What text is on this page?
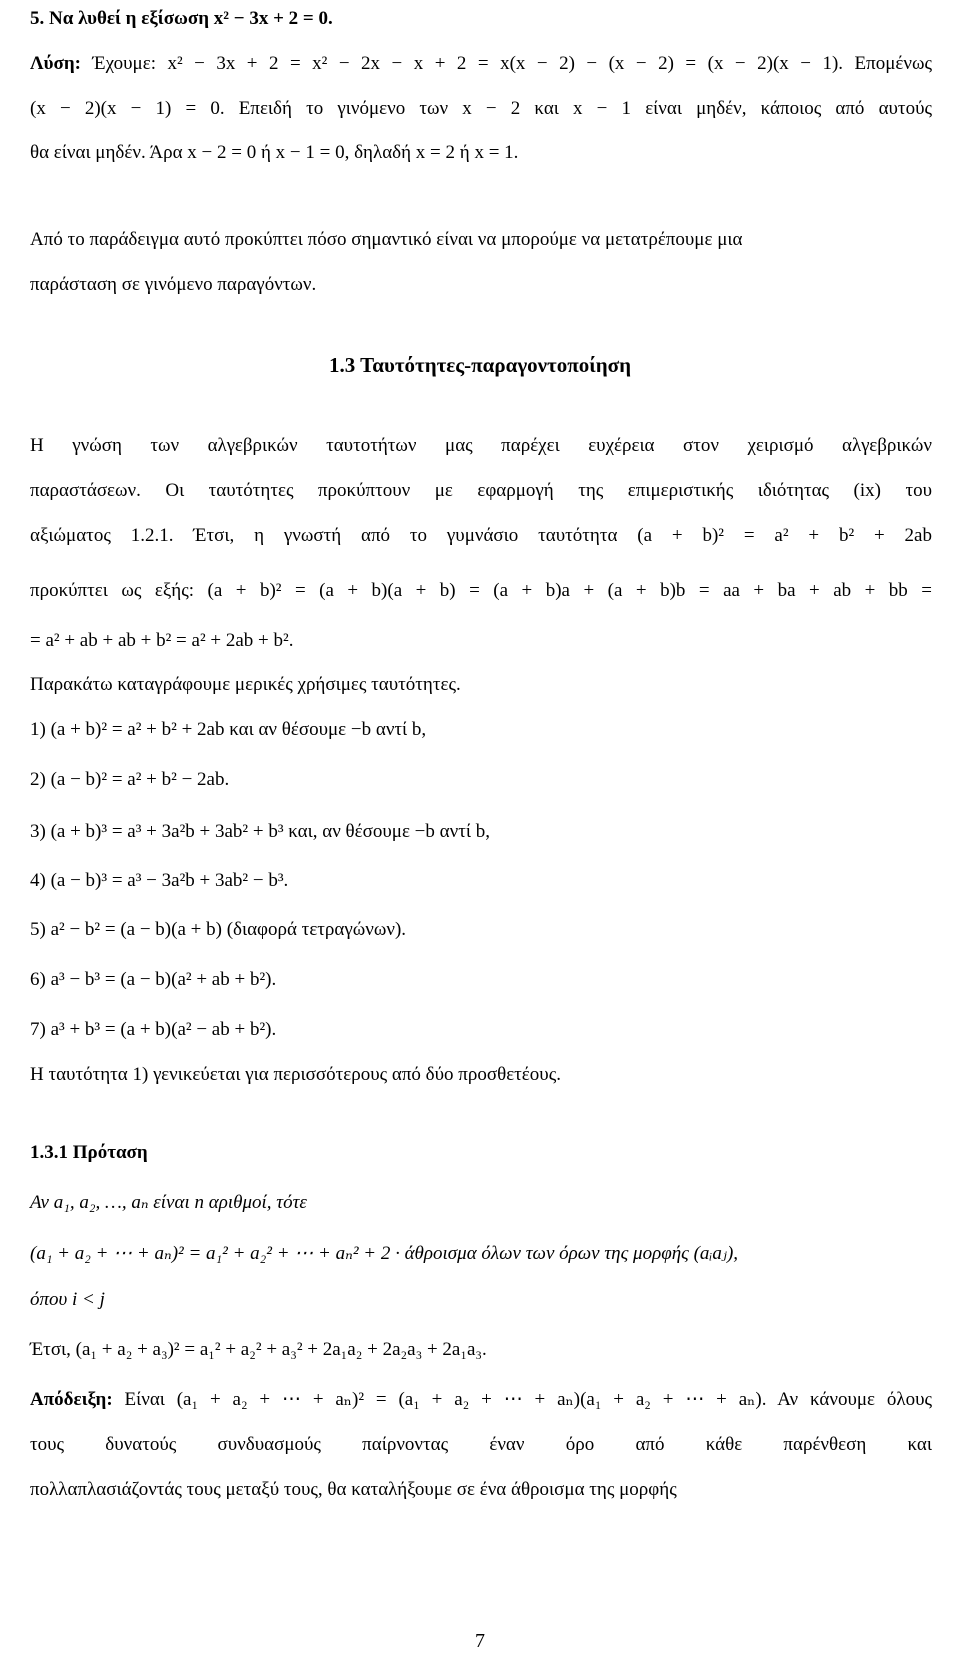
5. Να λυθεί η εξίσωση x² − 3x + 2 = 0.
Λύση: Έχουμε: x² − 3x + 2 = x² − 2x − x + 2 = x(x − 2) − (x − 2) = (x − 2)(x − 1). Επομένως
(x − 2)(x − 1) = 0. Επειδή το γινόμενο των x − 2 και x − 1 είναι μηδέν, κάποιος από αυτούς
θα είναι μηδέν. Άρα x − 2 = 0 ή x − 1 = 0, δηλαδή x = 2 ή x = 1.
Από το παράδειγμα αυτό προκύπτει πόσο σημαντικό είναι να μπορούμε να μετατρέπουμε μια
παράσταση σε γινόμενο παραγόντων.
1.3 Ταυτότητες-παραγοντοποίηση
Η γνώση των αλγεβρικών ταυτοτήτων μας παρέχει ευχέρεια στον χειρισμό αλγεβρικών
παραστάσεων. Οι ταυτότητες προκύπτουν με εφαρμογή της επιμεριστικής ιδιότητας (ix) του
αξιώματος 1.2.1. Έτσι, η γνωστή από το γυμνάσιο ταυτότητα (a + b)² = a² + b² + 2ab
προκύπτει ως εξής: (a + b)² = (a + b)(a + b) = (a + b)a + (a + b)b = aa + ba + ab + bb =
= a² + ab + ab + b² = a² + 2ab + b².
Παρακάτω καταγράφουμε μερικές χρήσιμες ταυτότητες.
1) (a + b)² = a² + b² + 2ab και αν θέσουμε −b αντί b,
2) (a − b)² = a² + b² − 2ab.
3) (a + b)³ = a³ + 3a²b + 3ab² + b³ και, αν θέσουμε −b αντί b,
4) (a − b)³ = a³ − 3a²b + 3ab² − b³.
5) a² − b² = (a − b)(a + b) (διαφορά τετραγώνων).
6) a³ − b³ = (a − b)(a² + ab + b²).
7) a³ + b³ = (a + b)(a² − ab + b²).
Η ταυτότητα 1) γενικεύεται για περισσότερους από δύο προσθετέους.
1.3.1 Πρόταση
Αν a₁, a₂, …, aₙ είναι n αριθμοί, τότε
(a₁ + a₂ + ⋯ + aₙ)² = a₁² + a₂² + ⋯ + aₙ² + 2 · άθροισμα όλων των όρων της μορφής (aᵢaⱼ),
όπου i < j
Έτσι, (a₁ + a₂ + a₃)² = a₁² + a₂² + a₃² + 2a₁a₂ + 2a₂a₃ + 2a₁a₃.
Απόδειξη: Είναι (a₁ + a₂ + ⋯ + aₙ)² = (a₁ + a₂ + ⋯ + aₙ)(a₁ + a₂ + ⋯ + aₙ). Αν κάνουμε όλους
τους δυνατούς συνδυασμούς παίρνοντας έναν όρο από κάθε παρένθεση και
πολλαπλασιάζοντάς τους μεταξύ τους, θα καταλήξουμε σε ένα άθροισμα της μορφής
7
